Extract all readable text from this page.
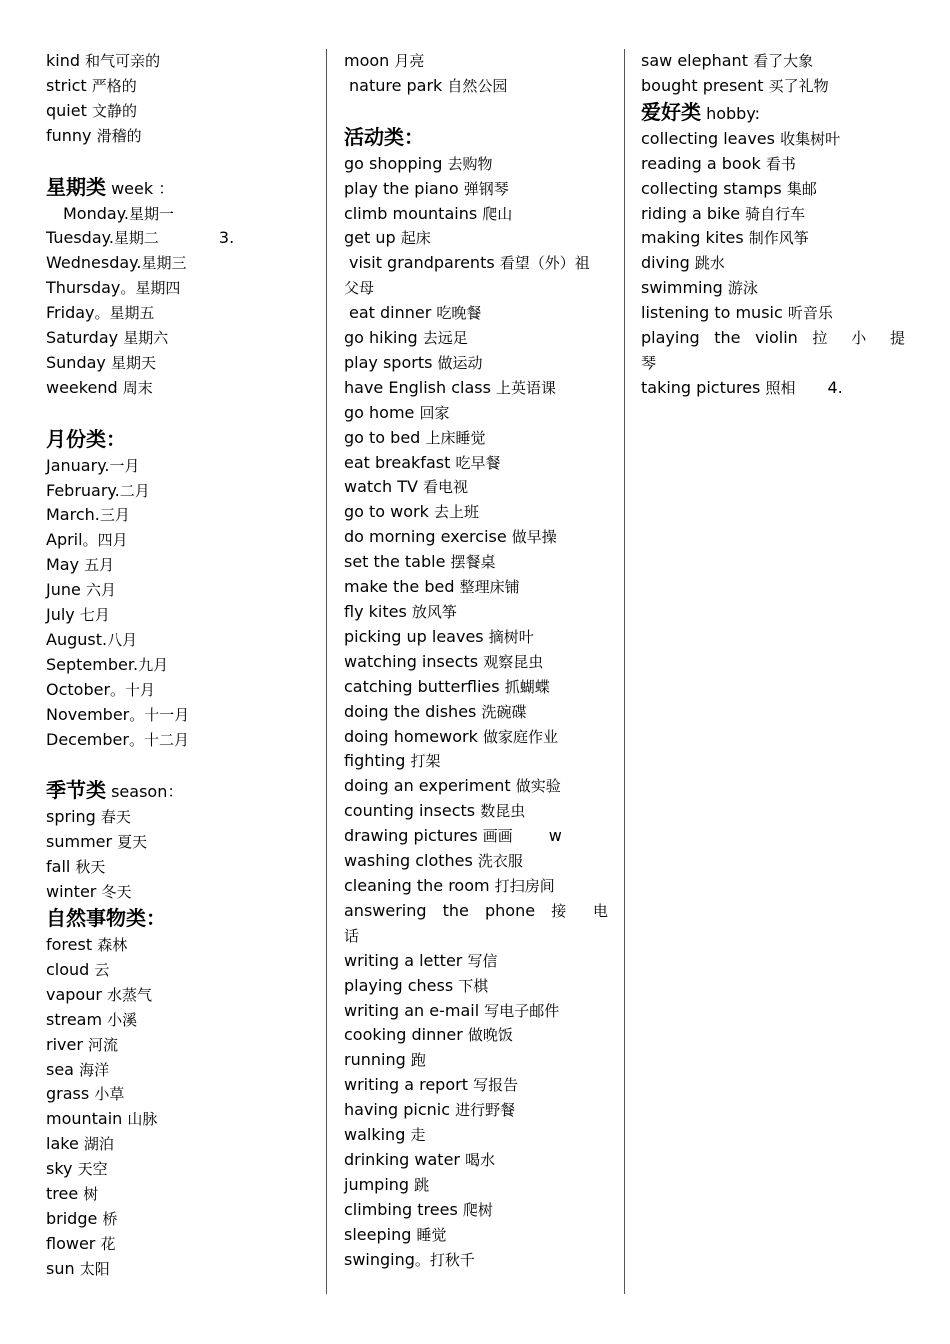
kind 和气可亲的
strict 严格的
quiet 文静的
funny 滑稽的
星期类 week ：
Monday.星期一
Tuesday.星期二	3.
Wednesday.星期三
Thursday。星期四
Friday。星期五
Saturday 星期六
Sunday 星期天
weekend 周末
月份类：
January.一月
February.二月
March.三月
April。四月
May 五月
June 六月
July 七月
August.八月
September.九月
October。十月
November。十一月
December。十二月
季节类 season：
spring 春天
summer 夏天
fall 秋天
winter 冬天
自然事物类：
forest 森林
cloud 云
vapour 水蒸气
stream 小溪
river 河流
sea 海洋
grass 小草
mountain 山脉
lake 湖泊
sky 天空
tree 树
bridge 桥
flower 花
sun 太阳
moon 月亮
nature park 自然公园
活动类：
go shopping 去购物
play the piano 弹钢琴
climb mountains 爬山
get up 起床
visit grandparents 看望（外）祖
父母
eat dinner 吃晚餐
go hiking 去远足
play sports 做运动
have English class 上英语课
go home 回家
go to bed 上床睡觉
eat breakfast 吃早餐
watch TV 看电视
go to work 去上班
do morning exercise 做早操
set the table 摆餐桌
make the bed 整理床铺
fly kites 放风筝
picking up leaves 摘树叶
watching insects 观察昆虫
catching butterflies 抓蝴蝶
doing the dishes 洗碗碟
doing homework 做家庭作业
fighting 打架
doing an experiment 做实验
counting insects 数昆虫
drawing pictures 画画 w
washing clothes 洗衣服
cleaning the room 打扫房间
answering the phone 接 电
话
writing a letter 写信
playing chess 下棋
writing an e-mail 写电子邮件
cooking dinner 做晚饭
running 跑
writing a report 写报告
having picnic 进行野餐
walking 走
drinking water 喝水
jumping 跳
climbing trees 爬树
sleeping 睡觉
swinging。打秋千
saw elephant 看了大象
bought present 买了礼物
爱好类 hobby:
collecting leaves 收集树叶
reading a book 看书
collecting stamps 集邮
riding a bike 骑自行车
making kites 制作风筝
diving 跳水
swimming 游泳
listening to music 听音乐
playing the violin 拉 小 提
琴
taking pictures 照相 4.
